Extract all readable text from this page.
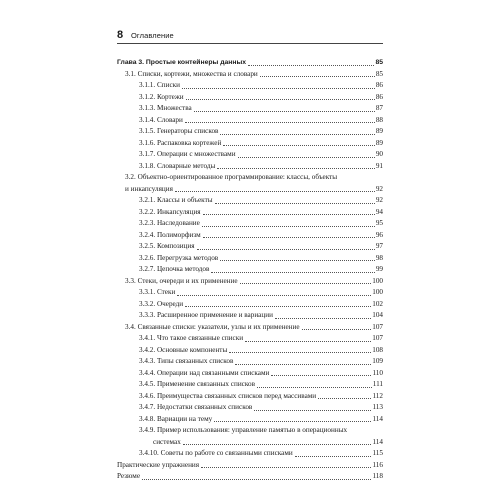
8 Оглавление
Глава 3. Простые контейнеры данных	85
3.1. Списки, кортежи, множества и словари	85
3.1.1. Списки	86
3.1.2. Кортежи	86
3.1.3. Множества	87
3.1.4. Словари	88
3.1.5. Генераторы списков	89
3.1.6. Распаковка кортежей	89
3.1.7. Операции с множествами	90
3.1.8. Словарные методы	91
3.2. Объектно-ориентированное программирование: классы, объекты
и инкапсуляция	92
3.2.1. Классы и объекты	92
3.2.2. Инкапсуляция	94
3.2.3. Наследование	95
3.2.4. Полиморфизм	96
3.2.5. Композиция	97
3.2.6. Перегрузка методов	98
3.2.7. Цепочка методов	99
3.3. Стеки, очереди и их применение	100
3.3.1. Стеки	100
3.3.2. Очереди	102
3.3.3. Расширенное применение и вариации	104
3.4. Связанные списки: указатели, узлы и их применение	107
3.4.1. Что такое связанные списки	107
3.4.2. Основные компоненты	108
3.4.3. Типы связанных списков	109
3.4.4. Операции над связанными списками	110
3.4.5. Применение связанных списков	111
3.4.6. Преимущества связанных списков перед массивами	112
3.4.7. Недостатки связанных списков	113
3.4.8. Вариации на тему	114
3.4.9. Пример использования: управление памятью в операционных
системах	114
3.4.10. Советы по работе со связанными списками	115
Практические упражнения	116
Резюме	118
